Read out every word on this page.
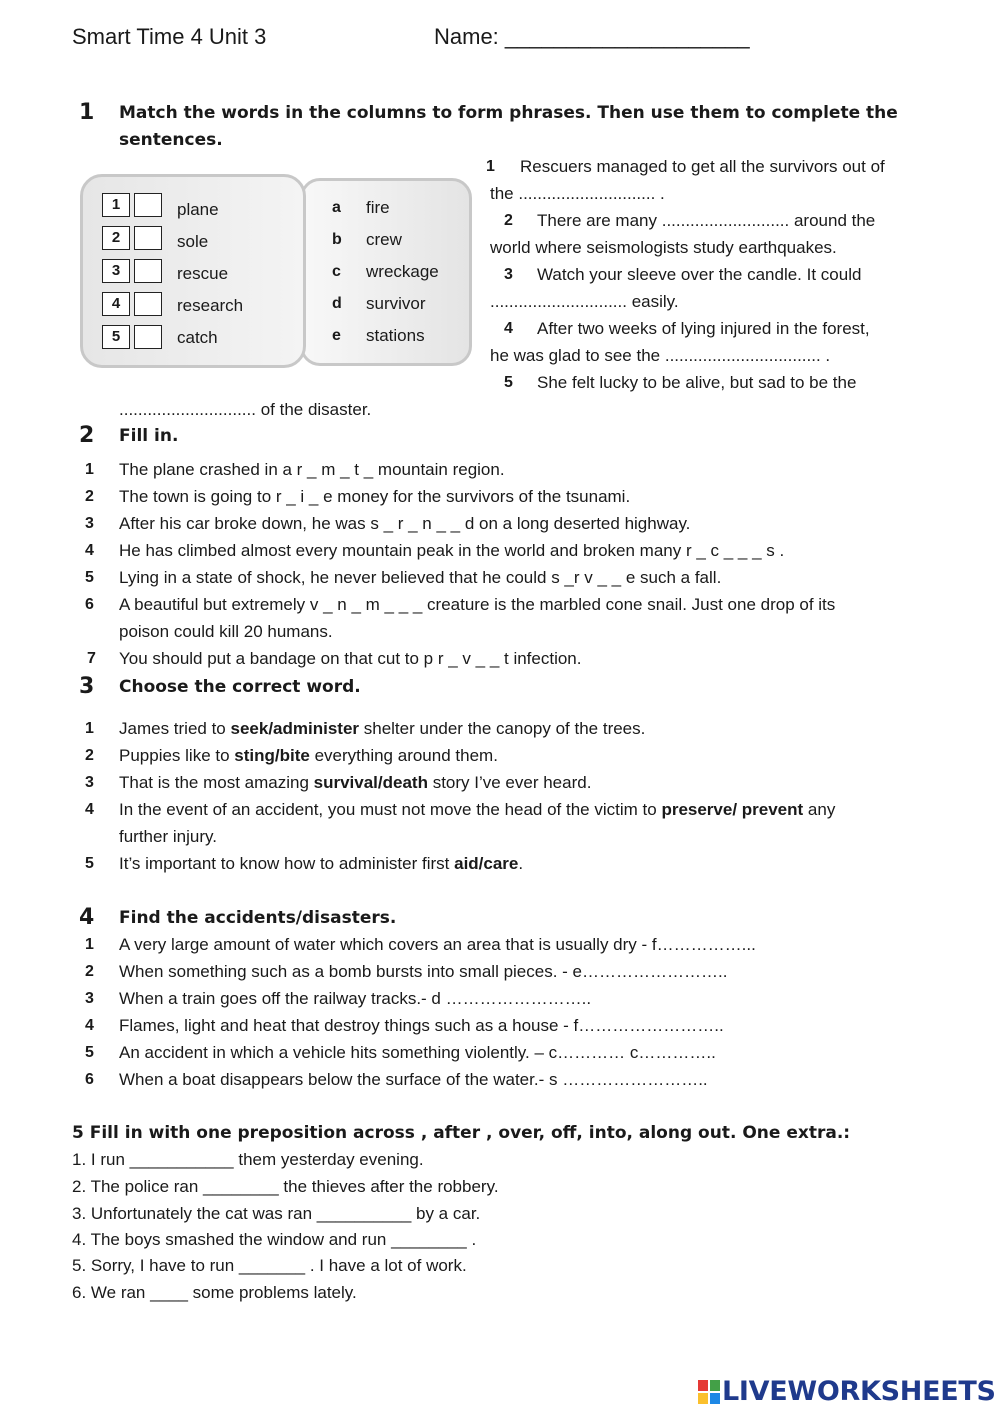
Smart Time 4 Unit 3	Name: ____________________
1 Match the words in the columns to form phrases. Then use them to complete the
sentences.
1	plane
2	sole
3	rescue
4	research
5	catch
a fire
b crew
c wreckage
d survivor
e stations
1 Rescuers managed to get all the survivors out of
the ............................. .
2 There are many ........................... around the
world where seismologists study earthquakes.
3 Watch your sleeve over the candle. It could
............................. easily.
4 After two weeks of lying injured in the forest,
he was glad to see the ................................. .
5 She felt lucky to be alive, but sad to be the
............................. of the disaster.
2 Fill in.
1 The plane crashed in a r _ m _ t _ mountain region.
2 The town is going to r _ i _ e money for the survivors of the tsunami.
3 After his car broke down, he was s _ r _ n _ _ d on a long deserted highway.
4 He has climbed almost every mountain peak in the world and broken many r _ c _ _ _ s .
5 Lying in a state of shock, he never believed that he could s _r v _ _ e such a fall.
6 A beautiful but extremely v _ n _ m _ _ _ creature is the marbled cone snail. Just one drop of its
poison could kill 20 humans.
7 You should put a bandage on that cut to p r _ v _ _ t infection.
3 Choose the correct word.
1 James tried to seek/administer shelter under the canopy of the trees.
2 Puppies like to sting/bite everything around them.
3 That is the most amazing survival/death story I’ve ever heard.
4 In the event of an accident, you must not move the head of the victim to preserve/ prevent any
further injury.
5 It’s important to know how to administer first aid/care.
4 Find the accidents/disasters.
1 A very large amount of water which covers an area that is usually dry - f……………...
2 When something such as a bomb bursts into small pieces. - e……………………..
3 When a train goes off the railway tracks.- d ……………………..
4 Flames, light and heat that destroy things such as a house - f……………………..
5 An accident in which a vehicle hits something violently. – c………… c…………..
6 When a boat disappears below the surface of the water.- s ……………………..
5 Fill in with one preposition across , after , over, off, into, along out. One extra.:
1. I run ___________ them yesterday evening.
2. The police ran ________ the thieves after the robbery.
3. Unfortunately the cat was ran __________ by a car.
4. The boys smashed the window and run ________ .
5. Sorry, I have to run _______ . I have a lot of work.
6. We ran ____ some problems lately.
LIVEWORKSHEETS
